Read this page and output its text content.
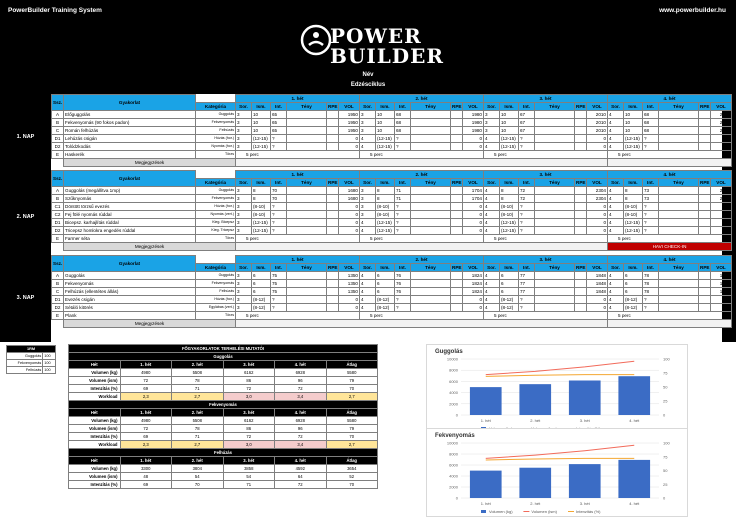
PowerBuilder Training System	www.powerbuilder.hu
POWER
BUILDER
Név
Edzésciklus
1. NAP
Ssz.	Gyakorlat		1. hét						2. hét						3. hét						4. hét					
		Kategória	Sor.	Ism.	Int.	Tény	RPE	VOL	Sor.	Ism.	Int.	Tény	RPE	VOL	Sor.	Ism.	Int.	Tény	RPE	VOL	Sor.	Ism.	Int.	Tény	RPE	VOL
A	Előguggolás	Guggolás	3	10	65			1950	3	10	68			1980	3	10	67			2010	4	10	68			2720
B	Fekvenyomás (90 fokos padon)	Fekvenyomás	3	10	65			1950	3	10	68			1980	3	10	67			2010	4	10	68			2720
C	Román felhúzás	Felhúzás	3	10	65			1950	3	10	68			1980	3	10	67			2010	4	10	68			2720
D1	Lehúzás csigán	Húzás (hor.)	3	(12-15)	?			0	4	(12-15)	?			0	4	(12-15)	?			0	4	(12-15)	?			0
D2	Tolódzkodás	Nyomás (hor.)	3	(12-15)	?			0	4	(12-15)	?			0	4	(12-15)	?			0	4	(12-15)	?			0
E	Haskerék	Törzs	5 perc						5 perc						5 perc						5 perc					
	Megjegyzések																									
2. NAP
Ssz.	Gyakorlat		1. hét						2. hét						3. hét						4. hét					
		Kategória	Sor.	Ism.	Int.	Tény	RPE	VOL	Sor.	Ism.	Int.	Tény	RPE	VOL	Sor.	Ism.	Int.	Tény	RPE	VOL	Sor.	Ism.	Int.	Tény	RPE	VOL
A	Guggolás (megállítva 1mp)	Guggolás	3	8	70			1680	3	8	71			1704	4	8	72			2304	4	8	73			2336
B	Szűknyomás	Fekvenyomás	3	8	70			1680	3	8	71			1704	4	8	72			2304	4	8	73			2336
C1	Döntött törzsű evezés	Húzás (hor.)	3	(8-10)	?			0	3	(8-10)	?			0	4	(8-10)	?			0	4	(8-10)	?			0
C2	Fej fölé nyomás rúddal	Nyomás (vert.)	3	(8-10)	?			0	3	(8-10)	?			0	4	(8-10)	?			0	4	(8-10)	?			0
D1	Bicepsz. karhajlítás rúddal	Kieg. Bicepsz	3	(12-15)	?			0	4	(12-15)	?			0	4	(12-15)	?			0	4	(12-15)	?			0
D2	Tricepsz homlokra engedés rúddal	Kieg. Tricepsz	3	(12-15)	?			0	4	(12-15)	?			0	4	(12-15)	?			0	4	(12-15)	?			0
E	Farmer séta	Törzs	5 perc						5 perc						5 perc						5 perc					
	Megjegyzések																				HAVI CHECK-IN					
3. NAP
Ssz.	Gyakorlat		1. hét						2. hét						3. hét						4. hét					
		Kategória	Sor.	Ism.	Int.	Tény	RPE	VOL	Sor.	Ism.	Int.	Tény	RPE	VOL	Sor.	Ism.	Int.	Tény	RPE	VOL	Sor.	Ism.	Int.	Tény	RPE	VOL
A	Guggolás	Guggolás	3	6	75			1350	4	6	76			1824	4	6	77			1848	4	6	78			1872
B	Fekvenyomás	Fekvenyomás	3	6	75			1350	4	6	76			1824	4	6	77			1848	4	6	78			1872
C	Felhúzás (ellentétes állás)	Felhúzás	3	6	75			1350	4	6	76			1824	4	6	77			1848	4	6	78			1872
D1	Evezés csigán	Húzás (hor.)	3	(8-12)	?			0	4	(8-12)	?			0	4	(8-12)	?			0	4	(8-12)	?			0
D2	Sétáló kitörés	Egylábas (vert.)	3	(8-12)	?			0	4	(8-12)	?			0	4	(8-12)	?			0	4	(8-12)	?			0
E	Plank	Törzs	5 perc						5 perc						5 perc						5 perc					
	Megjegyzések																									
1RM	
Guggolás	100
Fekvenyomás	100
Felhúzás	100
FŐGYAKORLATOK TERHELÉSI MUTATÓI					
Guggolás					
Hét	1. hét	2. hét	3. hét	4. hét	Átlag
Volumen (kg)	4980	5508	6162	6928	5580
Volumen (ism)	72	78	86	96	79
Intenzitás (%)	69	71	72	72	70
Workload	2,3	2,7	3,0	3,4	2,7
Fekvenyomás					
Hét	1. hét	2. hét	3. hét	4. hét	Átlag
Volumen (kg)	4980	5508	6162	6928	5580
Volumen (ism)	72	78	86	96	79
Intenzitás (%)	69	71	72	72	70
Workload	2,3	2,7	3,0	3,4	2,7
Felhúzás					
Hét	1. hét	2. hét	3. hét	4. hét	Átlag
Volumen (kg)	3300	3804	3858	4592	3654
Volumen (ism)	48	54	54	64	52
Intenzitás (%)	69	70	71	72	70
Guggolás
0
2000
4000
6000
8000
10000
0
25
50
75
100
1. hét	2. hét	3. hét	4. hét
Fekvenyomás
0
2000
4000
6000
8000
10000
0
25
50
75
100
1. hét	2. hét	3. hét	4. hét
Volumen (kg)	Volumen (ism)	Intenzitás (%)
